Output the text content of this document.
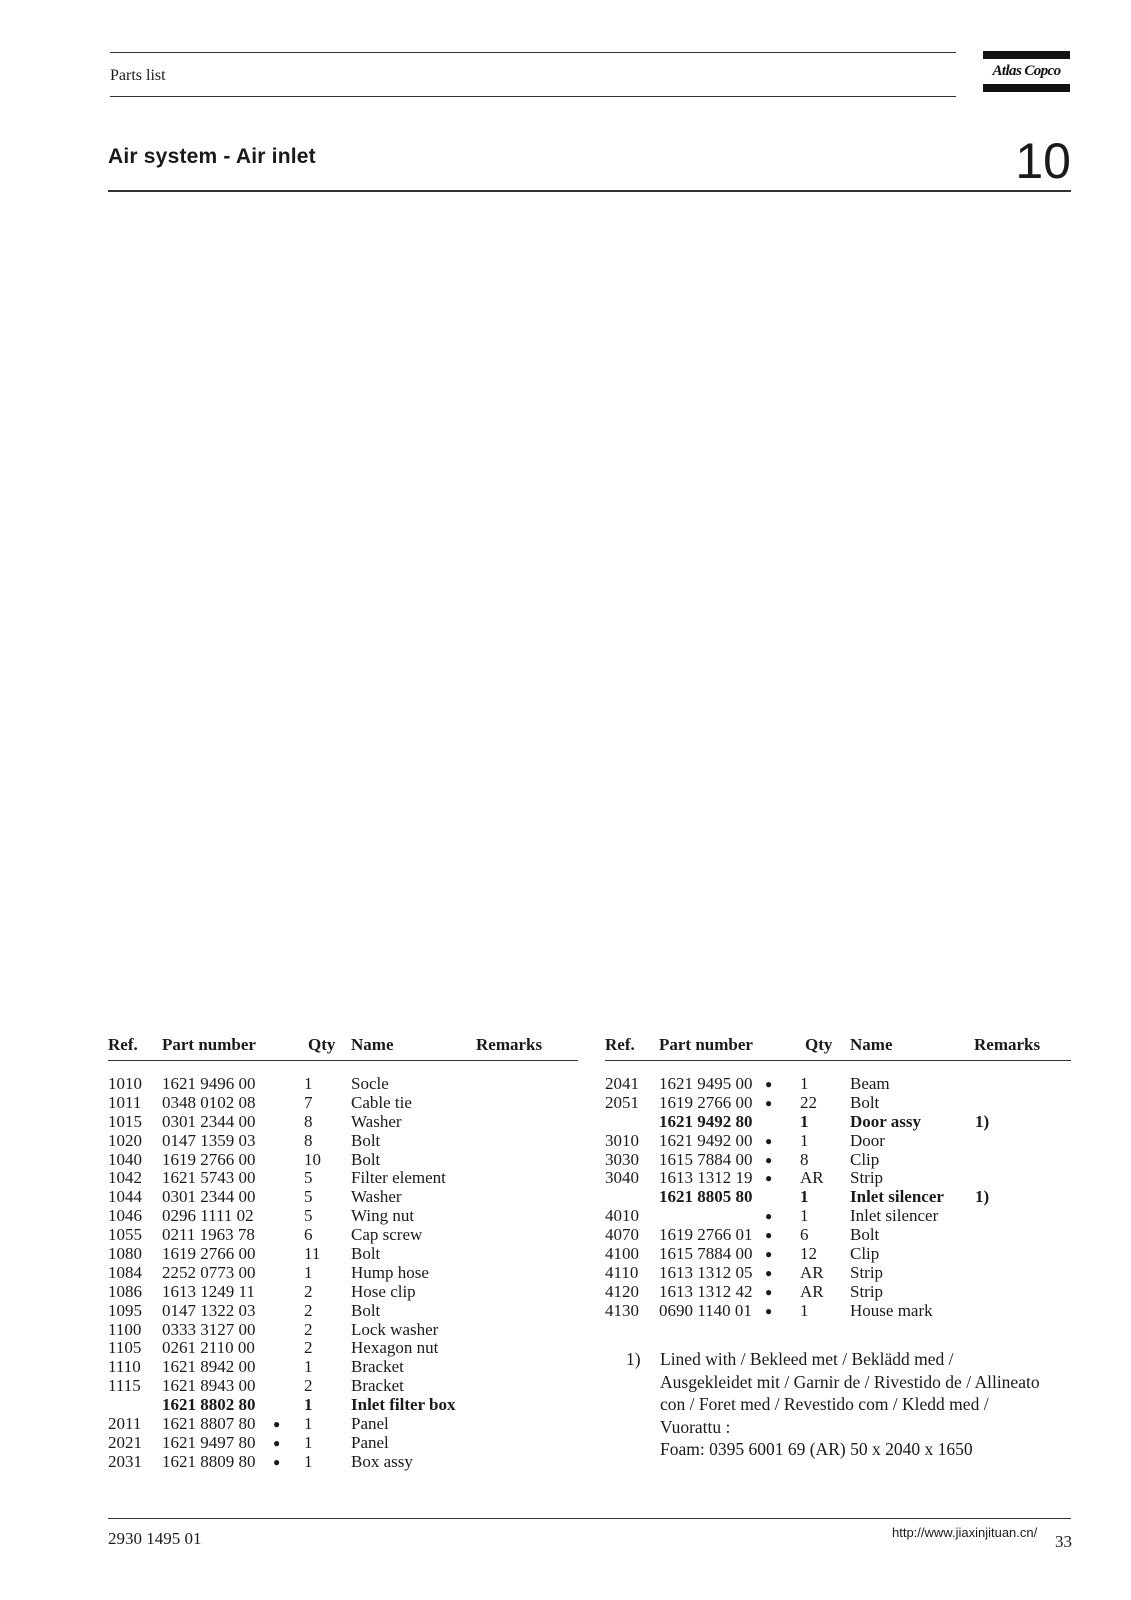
Parts list	Atlas Copco
Air system - Air inlet	10
Ref. Part number	Qty Name	Remarks
1010 1621 9496 00	1 Socle
1011 0348 0102 08	7 Cable tie
1015 0301 2344 00	8 Washer
1020 0147 1359 03	8 Bolt
1040 1619 2766 00	10 Bolt
1042 1621 5743 00	5 Filter element
1044 0301 2344 00	5 Washer
1046 0296 1111 02	5 Wing nut
1055 0211 1963 78	6 Cap screw
1080 1619 2766 00	11 Bolt
1084 2252 0773 00	1 Hump hose
1086 1613 1249 11	2 Hose clip
1095 0147 1322 03	2 Bolt
1100 0333 3127 00	2 Lock washer
1105 0261 2110 00	2 Hexagon nut
1110 1621 8942 00	1 Bracket
1115 1621 8943 00	2 Bracket
1621 8802 80	1 Inlet filter box
2011 1621 8807 80 ● 1 Panel
2021 1621 9497 80 ● 1 Panel
2031 1621 8809 80 ● 1 Box assy
Ref. Part number	Qty Name	Remarks
2041 1621 9495 00 ● 1 Beam
2051 1619 2766 00 ● 22 Bolt
1621 9492 80	1 Door assy	1)
3010 1621 9492 00 ● 1 Door
3030 1615 7884 00 ● 8 Clip
3040 1613 1312 19 ● AR Strip
1621 8805 80	1 Inlet silencer 1)
4010	● 1 Inlet silencer
4070 1619 2766 01 ● 6 Bolt
4100 1615 7884 00 ● 12 Clip
4110 1613 1312 05 ● AR Strip
4120 1613 1312 42 ● AR Strip
4130 0690 1140 01 ● 1 House mark
1) Lined with / Bekleed met / Beklädd med /
Ausgekleidet mit / Garnir de / Rivestido de / Allineato
con / Foret med / Revestido com / Kledd med /
Vuorattu :
Foam: 0395 6001 69 (AR) 50 x 2040 x 1650
2930 1495 01	http://www.jiaxinjituan.cn/ 33
